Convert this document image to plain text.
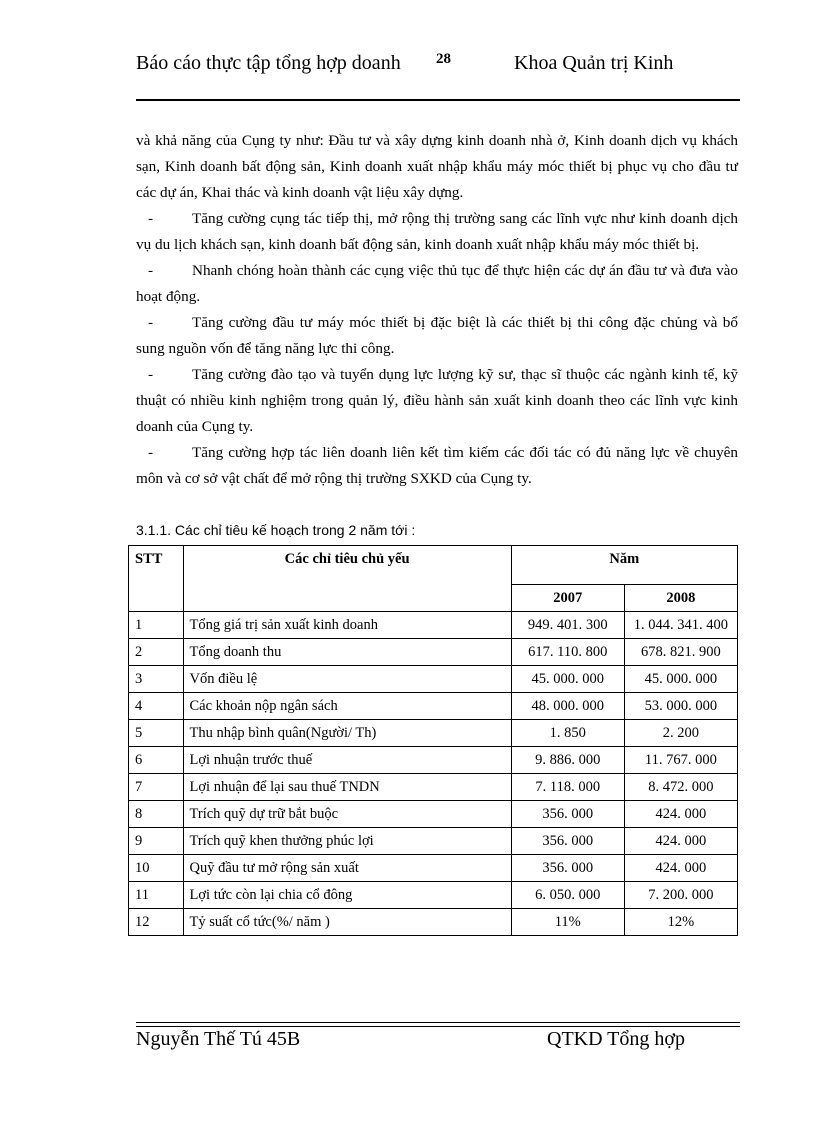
Báo cáo thực tập tổng hợp doanh	28	Khoa Quản trị Kinh

và khả năng của Cụng ty như: Đầu tư và xây dựng kinh doanh nhà ở, Kinh doanh dịch vụ khách sạn, Kinh doanh bất động sản, Kinh doanh xuất nhập khẩu máy móc thiết bị phục vụ cho đầu tư các dự án, Khai thác và kinh doanh vật liệu xây dựng.

-	Tăng cường cụng tác tiếp thị, mở rộng thị trường sang các lĩnh vực như kinh doanh dịch vụ du lịch khách sạn, kinh doanh bất động sản, kinh doanh xuất nhập khẩu máy móc thiết bị.

-	Nhanh chóng hoàn thành các cụng việc thủ tục để thực hiện các dự án đầu tư và đưa vào hoạt động.

-	Tăng cường đầu tư máy móc thiết bị đặc biệt là các thiết bị thi công đặc chủng và bổ sung nguồn vốn để tăng năng lực thi công.

-	Tăng cường đào tạo và tuyển dụng lực lượng kỹ sư, thạc sĩ thuộc các ngành kinh tế, kỹ thuật có nhiều kinh nghiệm trong quản lý, điều hành sản xuất kinh doanh theo các lĩnh vực kinh doanh của Cụng ty.

-	Tăng cường hợp tác liên doanh liên kết tìm kiếm các đối tác có đủ năng lực về chuyên môn và cơ sở vật chất để mở rộng thị trường SXKD của Cụng ty.

3.1.1. Các chỉ tiêu kế hoạch trong 2 năm tới :
STT	Các chỉ tiêu chủ yếu	Năm	
		2007	2008
1	Tổng giá trị sản xuất kinh doanh	949. 401. 300	1. 044. 341. 400
2	Tổng doanh thu	617. 110. 800	678. 821. 900
3	Vốn điều lệ	45. 000. 000	45. 000. 000
4	Các khoản nộp ngân sách	48. 000. 000	53. 000. 000
5	Thu nhập bình quân(Người/ Th)	1. 850	2. 200
6	Lợi nhuận trước thuế	9. 886. 000	11. 767. 000
7	Lợi nhuận để lại sau thuế TNDN	7. 118. 000	8. 472. 000
8	Trích quỹ dự trữ bắt buộc	356. 000	424. 000
9	Trích quỹ khen thưởng phúc lợi	356. 000	424. 000
10	Quỹ đầu tư mở rộng sản xuất	356. 000	424. 000
11	Lợi tức còn lại chia cổ đông	6. 050. 000	7. 200. 000
12	Tỷ suất cổ tức(%/ năm )	11%	12%
Nguyễn Thế Tú 45B	QTKD Tổng hợp
